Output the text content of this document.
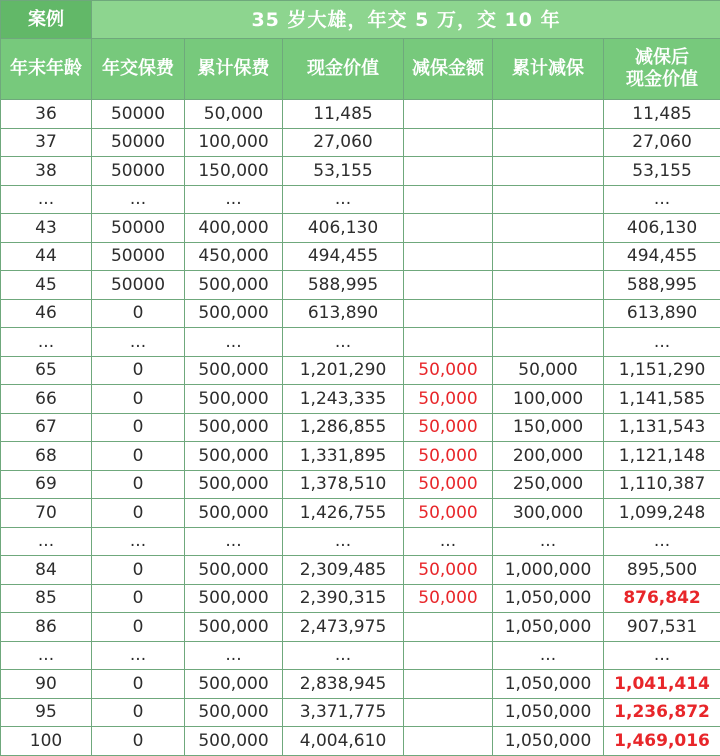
案例	35 岁大雄，年交 5 万，交 10 年					
年末年龄	年交保费	累计保费	现金价值	减保金额	累计减保	减保后
现金价值
36	50000	50,000	11,485			11,485
37	50000	100,000	27,060			27,060
38	50000	150,000	53,155			53,155
...	...	...	...			...
43	50000	400,000	406,130			406,130
44	50000	450,000	494,455			494,455
45	50000	500,000	588,995			588,995
46	0	500,000	613,890			613,890
...	...	...	...			...
65	0	500,000	1,201,290	50,000	50,000	1,151,290
66	0	500,000	1,243,335	50,000	100,000	1,141,585
67	0	500,000	1,286,855	50,000	150,000	1,131,543
68	0	500,000	1,331,895	50,000	200,000	1,121,148
69	0	500,000	1,378,510	50,000	250,000	1,110,387
70	0	500,000	1,426,755	50,000	300,000	1,099,248
...	...	...	...	...	...	...
84	0	500,000	2,309,485	50,000	1,000,000	895,500
85	0	500,000	2,390,315	50,000	1,050,000	876,842
86	0	500,000	2,473,975		1,050,000	907,531
...	...	...	...		...	...
90	0	500,000	2,838,945		1,050,000	1,041,414
95	0	500,000	3,371,775		1,050,000	1,236,872
100	0	500,000	4,004,610		1,050,000	1,469,016
